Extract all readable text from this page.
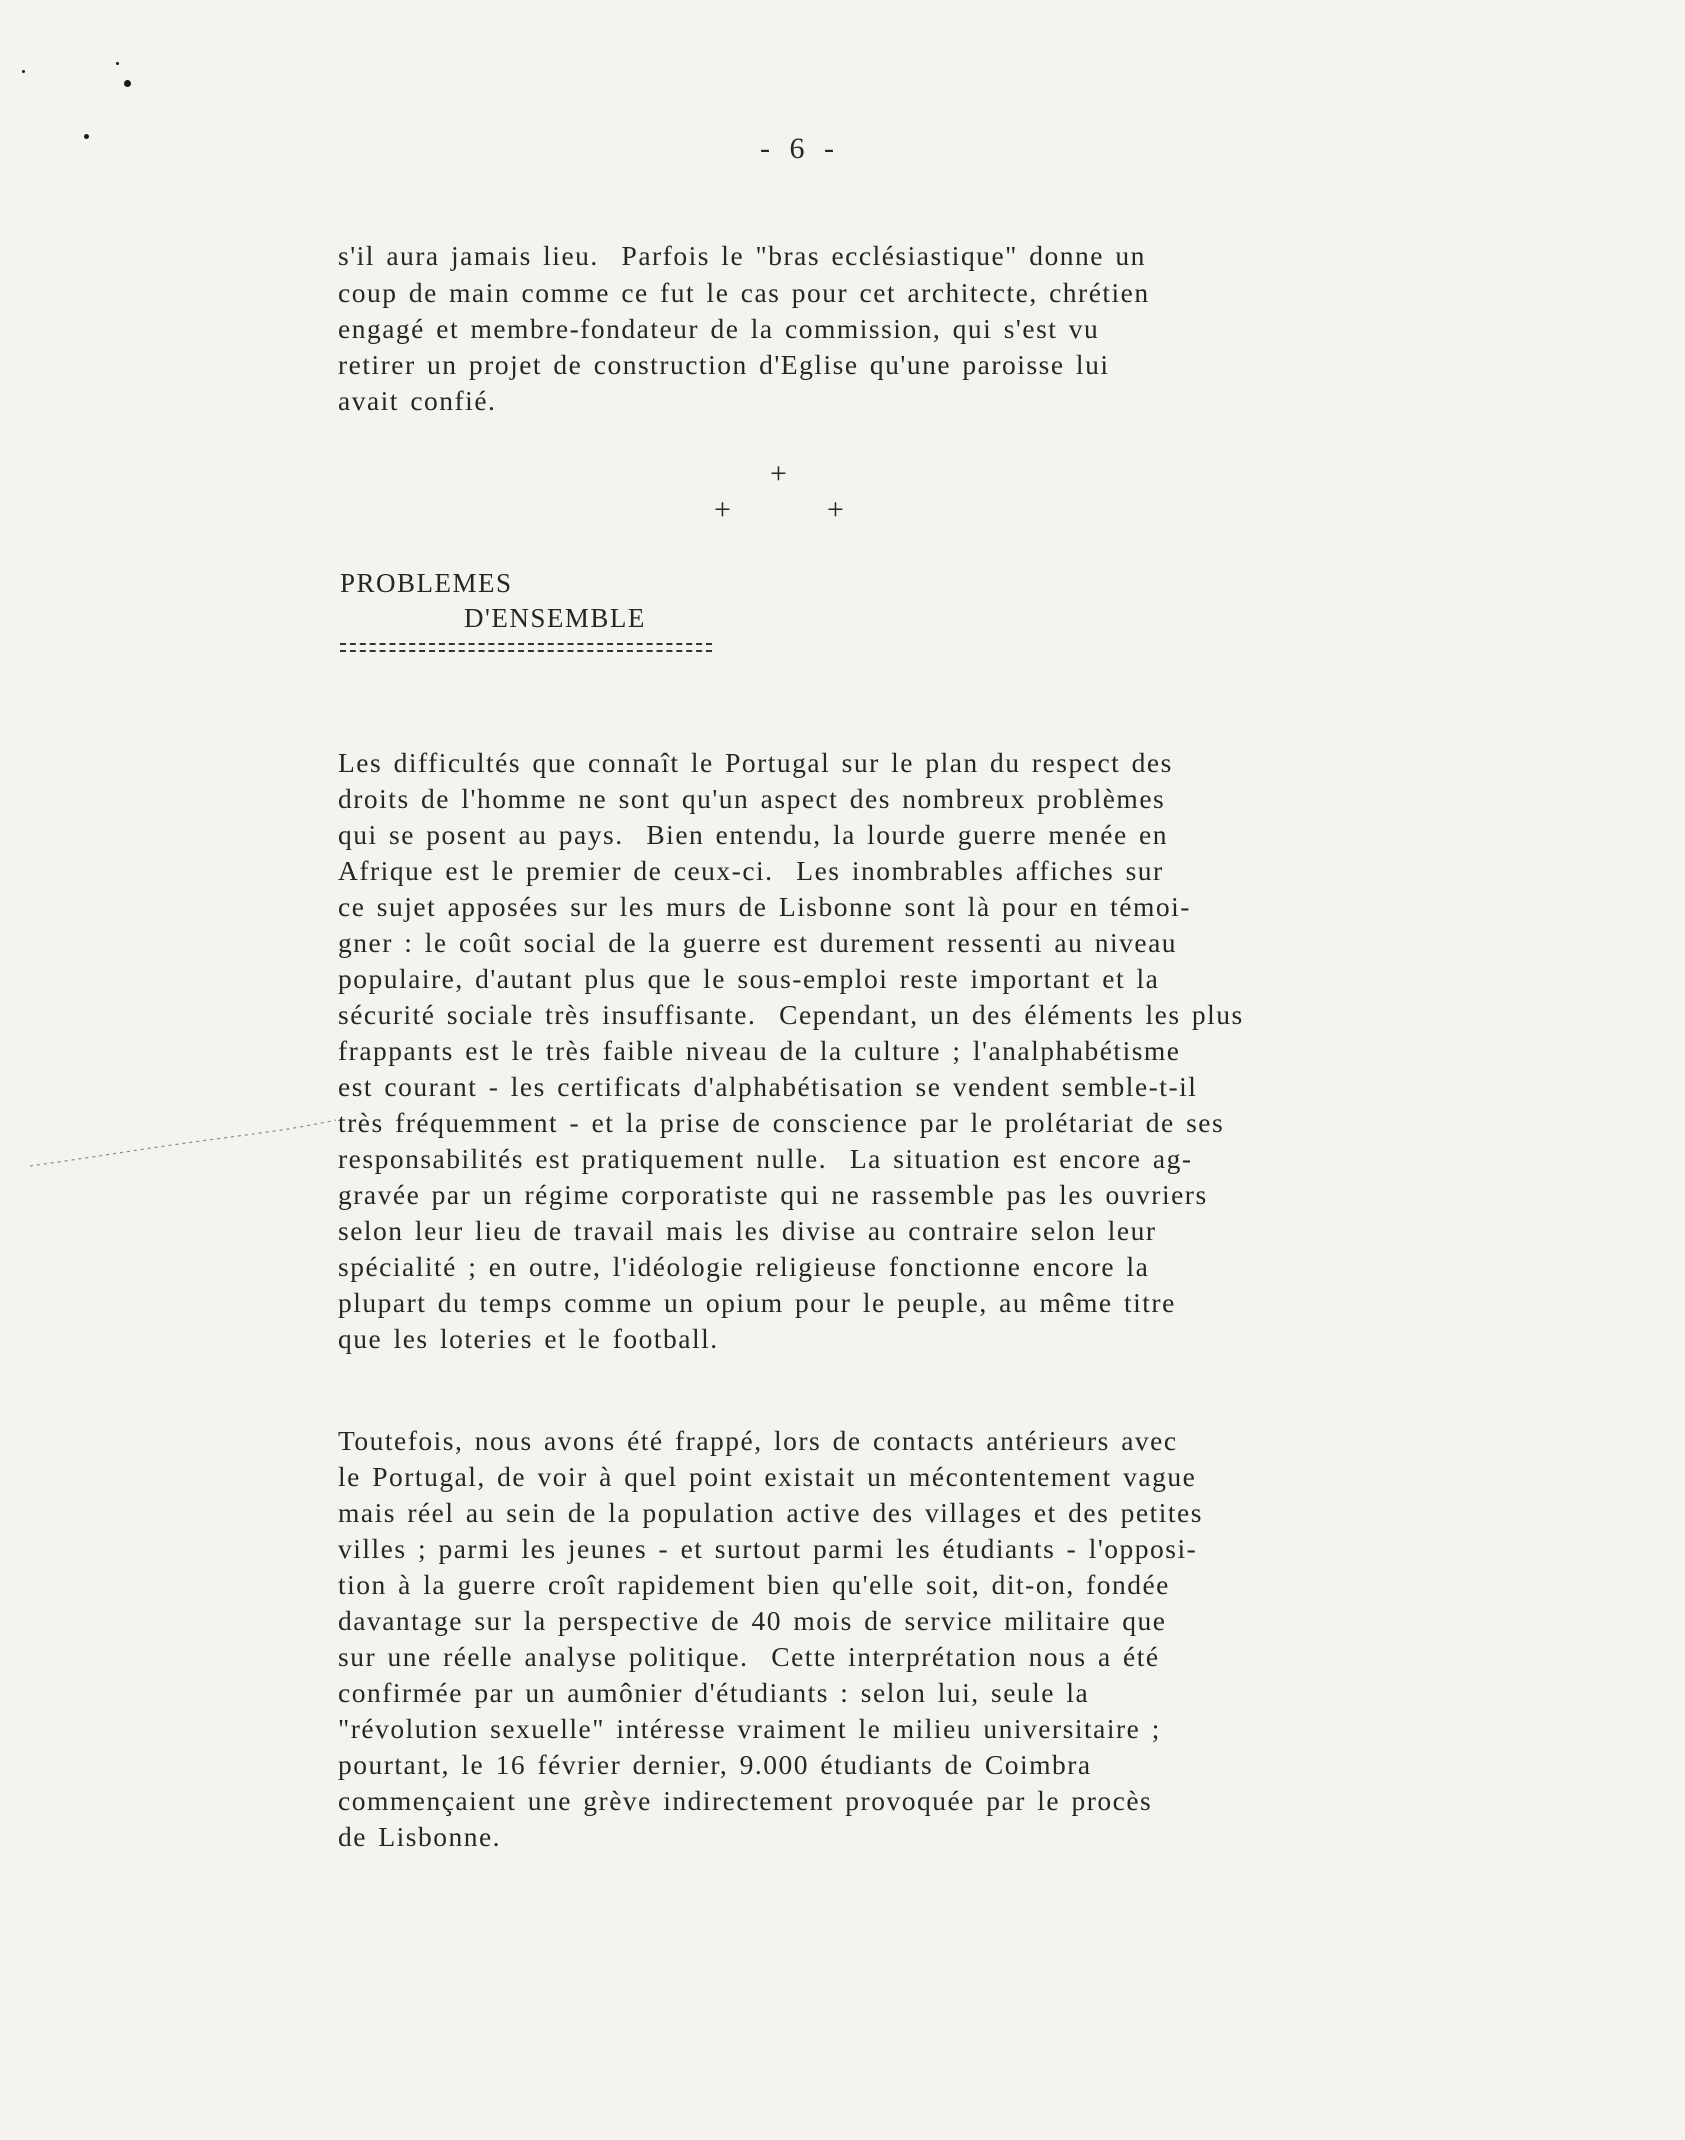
- 6 -
s'il aura jamais lieu.  Parfois le "bras ecclésiastique" donne un
coup de main comme ce fut le cas pour cet architecte, chrétien
engagé et membre-fondateur de la commission, qui s'est vu
retirer un projet de construction d'Eglise qu'une paroisse lui
avait confié.
+
+	+
PROBLEMES
D'ENSEMBLE
Les difficultés que connaît le Portugal sur le plan du respect des
droits de l'homme ne sont qu'un aspect des nombreux problèmes
qui se posent au pays.  Bien entendu, la lourde guerre menée en
Afrique est le premier de ceux-ci.  Les inombrables affiches sur
ce sujet apposées sur les murs de Lisbonne sont là pour en témoi-
gner : le coût social de la guerre est durement ressenti au niveau
populaire, d'autant plus que le sous-emploi reste important et la
sécurité sociale très insuffisante.  Cependant, un des éléments les plus
frappants est le très faible niveau de la culture ; l'analphabétisme
est courant - les certificats d'alphabétisation se vendent semble-t-il
très fréquemment - et la prise de conscience par le prolétariat de ses
responsabilités est pratiquement nulle.  La situation est encore ag-
gravée par un régime corporatiste qui ne rassemble pas les ouvriers
selon leur lieu de travail mais les divise au contraire selon leur
spécialité ; en outre, l'idéologie religieuse fonctionne encore la
plupart du temps comme un opium pour le peuple, au même titre
que les loteries et le football.
Toutefois, nous avons été frappé, lors de contacts antérieurs avec
le Portugal, de voir à quel point existait un mécontentement vague
mais réel au sein de la population active des villages et des petites
villes ; parmi les jeunes - et surtout parmi les étudiants - l'opposi-
tion à la guerre croît rapidement bien qu'elle soit, dit-on, fondée
davantage sur la perspective de 40 mois de service militaire que
sur une réelle analyse politique.  Cette interprétation nous a été
confirmée par un aumônier d'étudiants : selon lui, seule la
"révolution sexuelle" intéresse vraiment le milieu universitaire ;
pourtant, le 16 février dernier, 9.000 étudiants de Coimbra
commençaient une grève indirectement provoquée par le procès
de Lisbonne.
